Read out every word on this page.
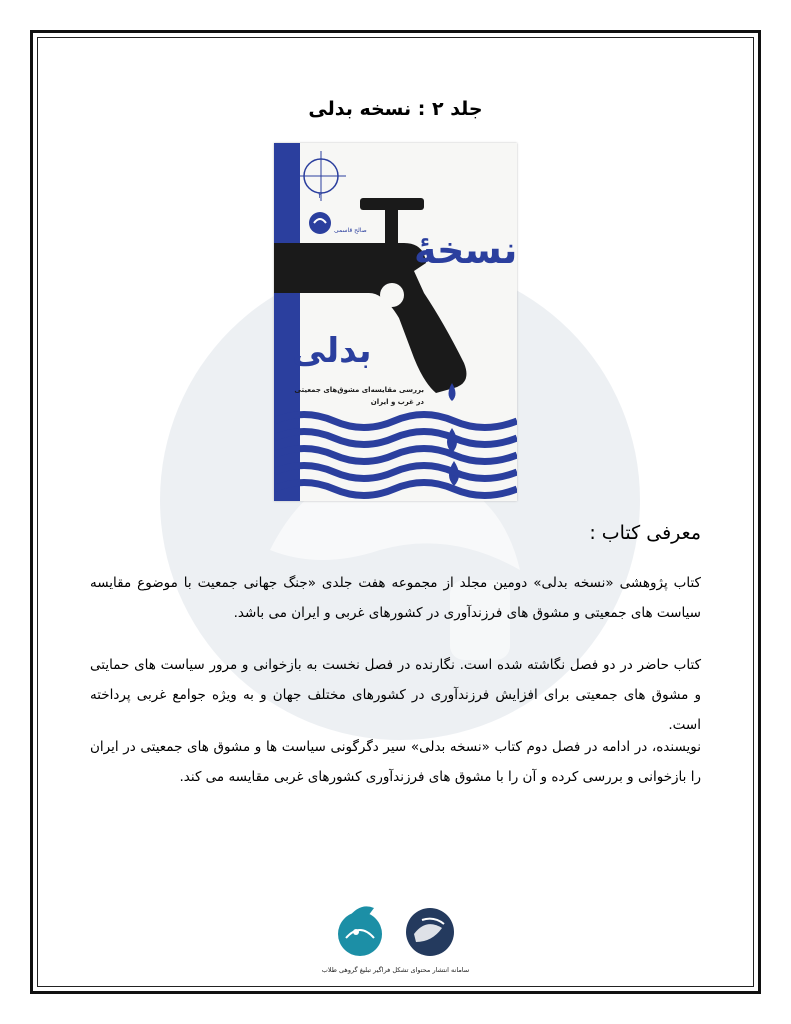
جلد ۲ : نسخه بدلی
نسخهٔ
بدلی
صالح قاسمی
بررسی مقایسه‌ای مشوق‌های جمعیتی
در غرب و ایران
۲
معرفی کتاب :
کتاب پژوهشی «نسخه بدلی» دومین مجلد از مجموعه هفت جلدی «جنگ جهانی جمعیت با موضوع مقایسه سیاست های جمعیتی و مشوق های فرزندآوری در کشورهای غربی و ایران می باشد.
کتاب حاضر در دو فصل نگاشته شده است. نگارنده در فصل نخست به بازخوانی و مرور سیاست های حمایتی و مشوق های جمعیتی برای افزایش فرزندآوری در کشورهای مختلف جهان و به ویژه جوامع غربی پرداخته است.
نویسنده، در ادامه در فصل دوم کتاب «نسخه بدلی» سیر دگرگونی سیاست ها و مشوق های جمعیتی در ایران را بازخوانی و بررسی کرده و آن را با مشوق های فرزندآوری کشورهای غربی مقایسه می کند.
سامانه انتشار محتوای تشکل فراگیر تبلیغ گروهی طلاب
